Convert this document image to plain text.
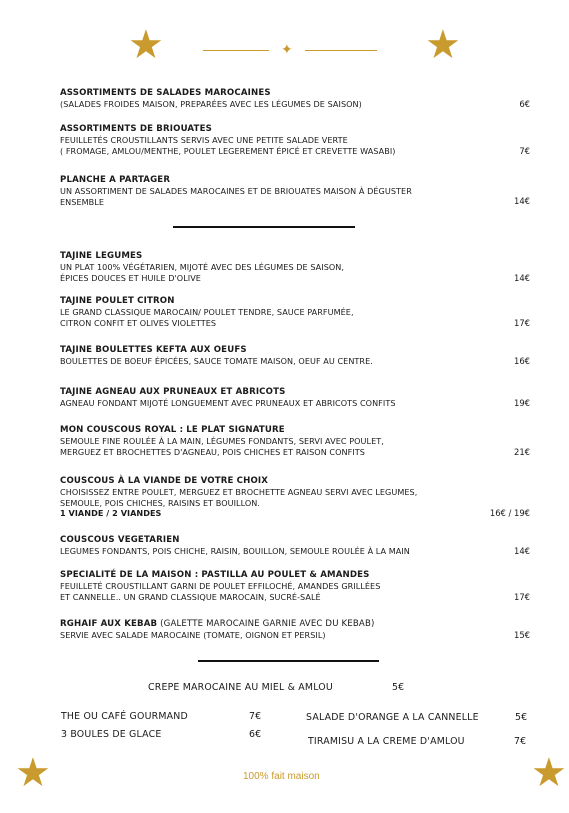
★	★
✦
ASSORTIMENTS DE SALADES MAROCAINES
(SALADES FROIDES MAISON, PREPARÉES AVEC LES LÉGUMES DE SAISON)	6€
ASSORTIMENTS DE BRIOUATES
FEUILLETÉS CROUSTILLANTS SERVIS AVEC UNE PETITE SALADE VERTE
( FROMAGE, AMLOU/MENTHE, POULET LEGEREMENT ÉPICÉ ET CREVETTE WASABI)	7€
PLANCHE A PARTAGER
UN ASSORTIMENT DE SALADES MAROCAINES ET DE BRIOUATES MAISON À DÉGUSTER
ENSEMBLE	14€
TAJINE LEGUMES
UN PLAT 100% VÉGÉTARIEN, MIJOTÉ AVEC DES LÉGUMES DE SAISON,
ÉPICES DOUCES ET HUILE D'OLIVE	14€
TAJINE POULET CITRON
LE GRAND CLASSIQUE MAROCAIN/ POULET TENDRE, SAUCE PARFUMÉE,
CITRON CONFIT ET OLIVES VIOLETTES	17€
TAJINE BOULETTES KEFTA AUX OEUFS
BOULETTES DE BOEUF ÉPICÉES, SAUCE TOMATE MAISON, OEUF AU CENTRE.	16€
TAJINE AGNEAU AUX PRUNEAUX ET ABRICOTS
AGNEAU FONDANT MIJOTÉ LONGUEMENT AVEC PRUNEAUX ET ABRICOTS CONFITS	19€
MON COUSCOUS ROYAL : LE PLAT SIGNATURE
SEMOULE FINE ROULÉE À LA MAIN, LÉGUMES FONDANTS, SERVI AVEC POULET,
MERGUEZ ET BROCHETTES D'AGNEAU, POIS CHICHES ET RAISON CONFITS	21€
COUSCOUS À LA VIANDE DE VOTRE CHOIX
CHOISISSEZ ENTRE POULET, MERGUEZ ET BROCHETTE AGNEAU SERVI AVEC LEGUMES,
SEMOULE, POIS CHICHES, RAISINS ET BOUILLON.
1 VIANDE / 2 VIANDES	16€ / 19€
COUSCOUS VEGETARIEN
LEGUMES FONDANTS, POIS CHICHE, RAISIN, BOUILLON, SEMOULE ROULÉE À LA MAIN	14€
SPECIALITÉ DE LA MAISON : PASTILLA AU POULET & AMANDES
FEUILLETÉ CROUSTILLANT GARNI DE POULET EFFILOCHÉ, AMANDES GRILLÉES
ET CANNELLE.. UN GRAND CLASSIQUE MAROCAIN, SUCRÉ-SALÉ	17€
RGHAIF AUX KEBAB (GALETTE MAROCAINE GARNIE AVEC DU KEBAB)
SERVIE AVEC SALADE MAROCAINE (TOMATE, OIGNON ET PERSIL)	15€
CREPE MAROCAINE AU MIEL & AMLOU	5€
THE OU CAFÉ GOURMAND	7€
3 BOULES DE GLACE	6€
SALADE D'ORANGE A LA CANNELLE	5€
TIRAMISU A LA CREME D'AMLOU	7€
★	★
100% fait maison
